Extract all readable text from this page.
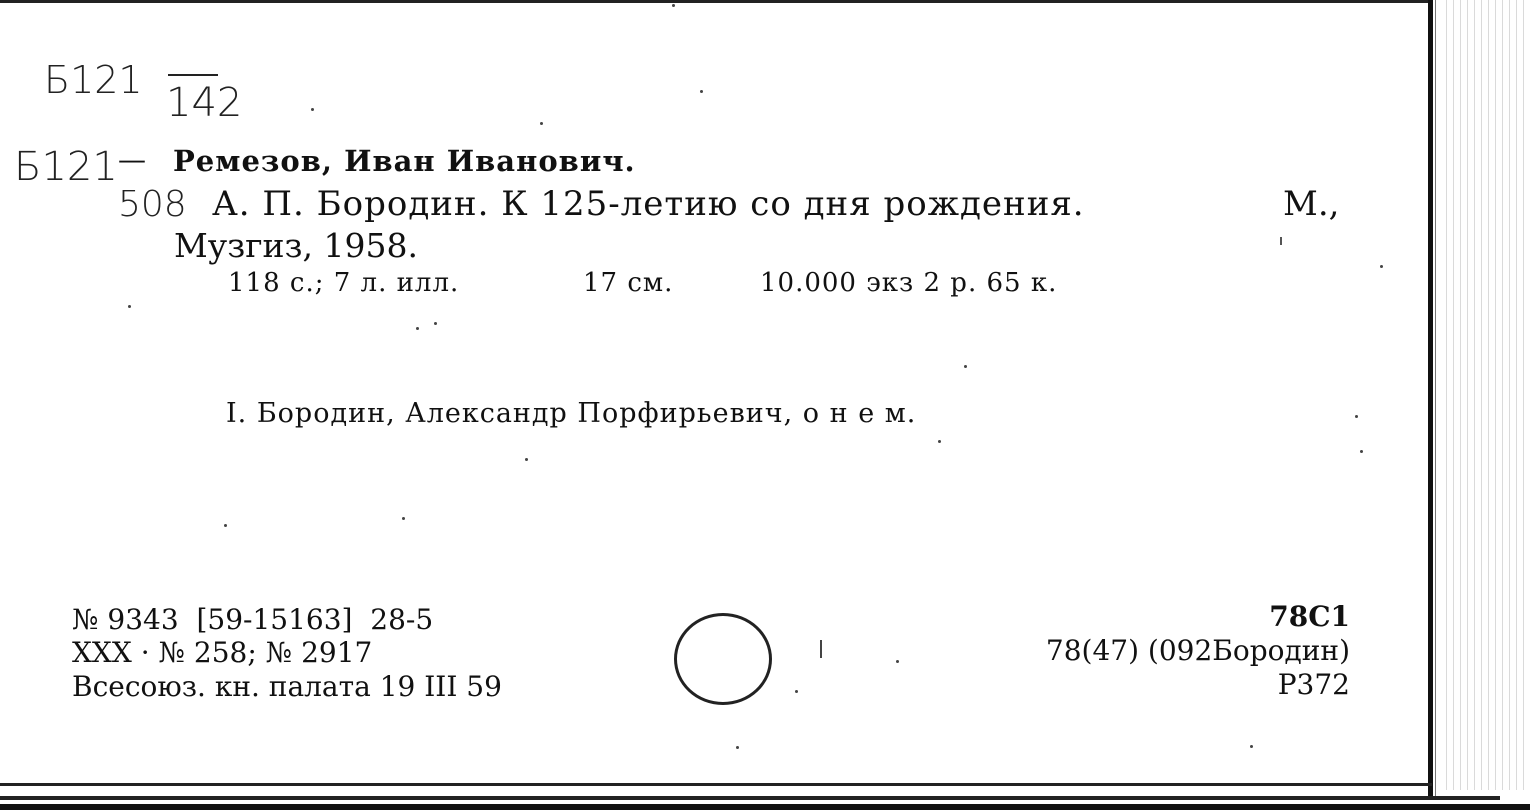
Б121 142
Б121
508
— Ремезов, Иван Иванович.
А. П. Бородин. К 125-летию со дня рождения.	М.,
Музгиз, 1958.
118 с.; 7 л. илл.	17 см.	10.000 экз 2 р. 65 к.
I. Бородин, Александр Порфирьевич, о н е м.
№ 9343  [59-15163]  28-5
XXX · № 258; № 2917
Всесоюз. кн. палата 19 III 59
78С1
78(47) (092Бородин)
Р372
